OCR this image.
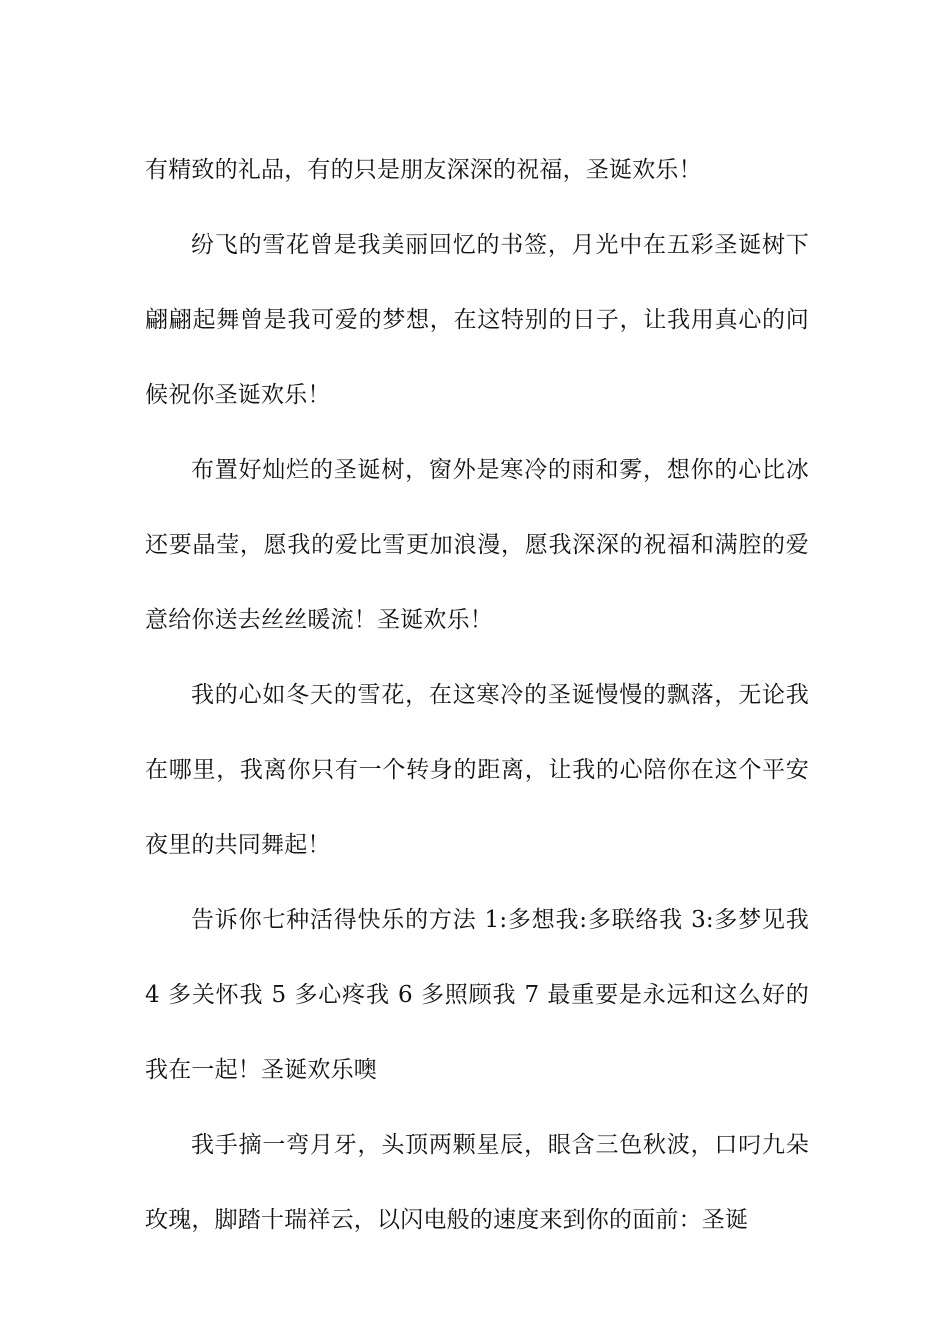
有精致的礼品，有的只是朋友深深的祝福，圣诞欢乐！

纷飞的雪花曾是我美丽回忆的书签，月光中在五彩圣诞树下翩翩起舞曾是我可爱的梦想，在这特别的日子，让我用真心的问候祝你圣诞欢乐！

布置好灿烂的圣诞树，窗外是寒冷的雨和雾，想你的心比冰还要晶莹，愿我的爱比雪更加浪漫，愿我深深的祝福和满腔的爱意给你送去丝丝暖流！圣诞欢乐！

我的心如冬天的雪花，在这寒冷的圣诞慢慢的飘落，无论我在哪里，我离你只有一个转身的距离，让我的心陪你在这个平安夜里的共同舞起！

告诉你七种活得快乐的方法 1:多想我:多联络我 3:多梦见我 4 多关怀我 5 多心疼我 6 多照顾我 7 最重要是永远和这么好的我在一起！圣诞欢乐噢

我手摘一弯月牙，头顶两颗星辰，眼含三色秋波，口叼九朵玫瑰，脚踏十瑞祥云，以闪电般的速度来到你的面前：圣诞
